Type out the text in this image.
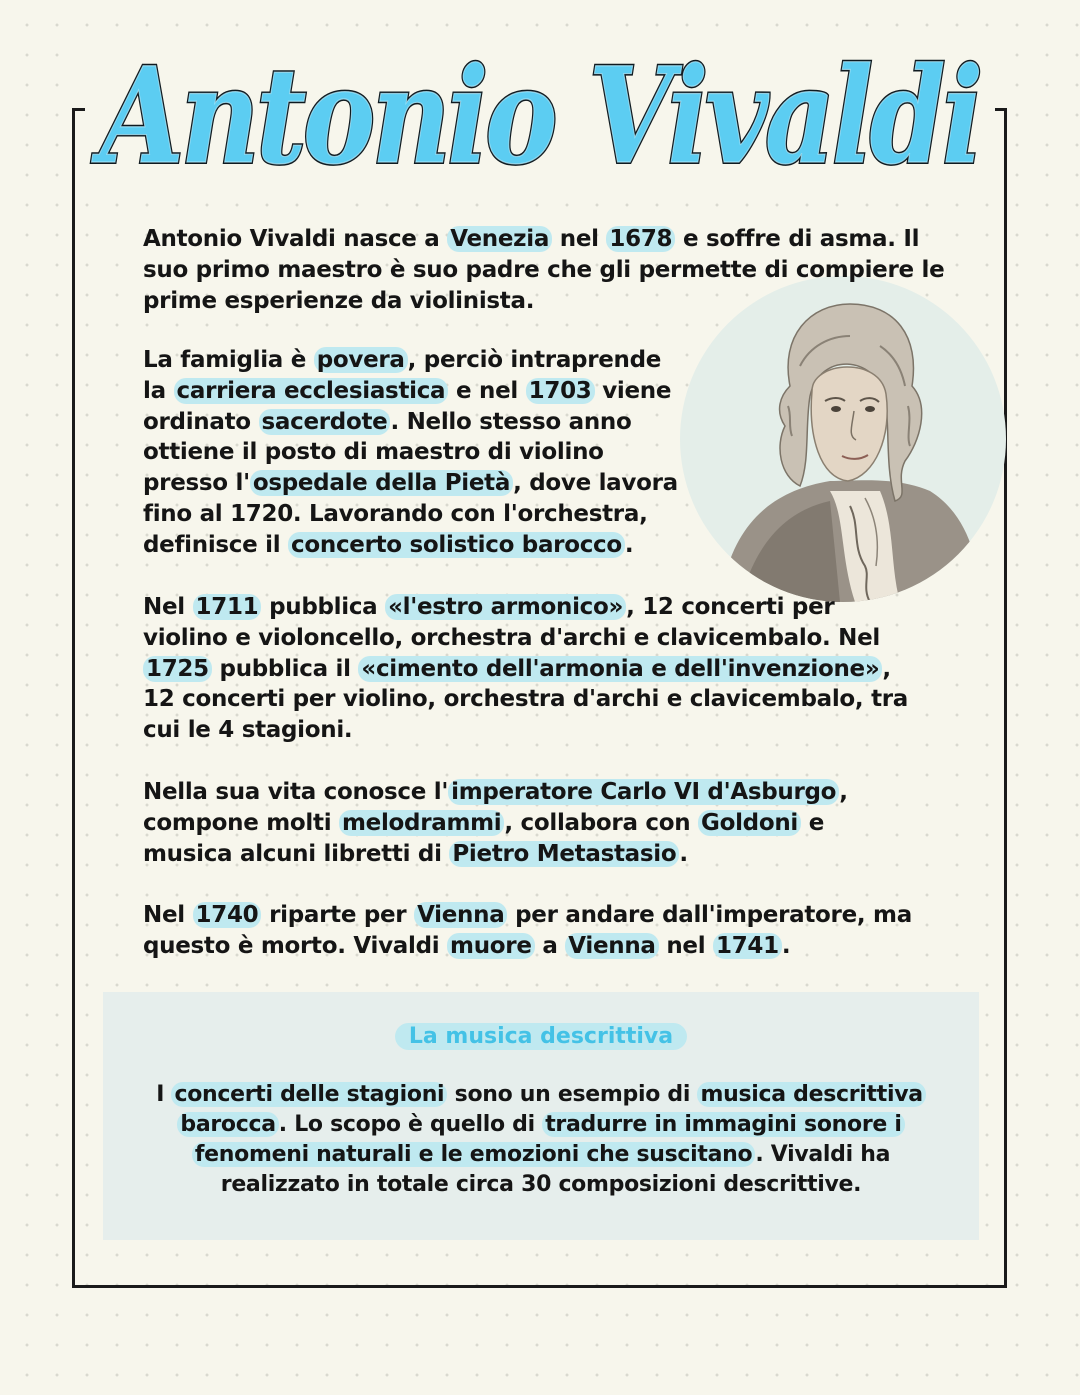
Antonio Vivaldi
Antonio Vivaldi

Antonio Vivaldi nasce a Venezia nel 1678 e soffre di asma. Il suo primo maestro è suo padre che gli permette di compiere le prime esperienze da violinista.

La famiglia è povera , perciò intraprende la carriera ecclesiastica e nel 1703 viene ordinato sacerdote . Nello stesso anno ottiene il posto di maestro di violino presso l' ospedale della Pietà , dove lavora fino al 1720. Lavorando con l'orchestra, definisce il concerto solistico barocco .

Nel 1711 pubblica «l'estro armonico» , 12 concerti per violino e violoncello, orchestra d'archi e clavicembalo. Nel 1725 pubblica il «cimento dell'armonia e dell'invenzione» , 12 concerti per violino, orchestra d'archi e clavicembalo, tra cui le 4 stagioni.

Nella sua vita conosce l' imperatore Carlo VI d'Asburgo , compone molti melodrammi , collabora con Goldoni e musica alcuni libretti di Pietro Metastasio .

Nel 1740 riparte per Vienna per andare dall'imperatore, ma questo è morto. Vivaldi muore a Vienna nel 1741 .

La musica descrittiva

I concerti delle stagioni sono un esempio di musica descrittiva barocca . Lo scopo è quello di tradurre in immagini sonore i fenomeni naturali e le emozioni che suscitano . Vivaldi ha realizzato in totale circa 30 composizioni descrittive.
